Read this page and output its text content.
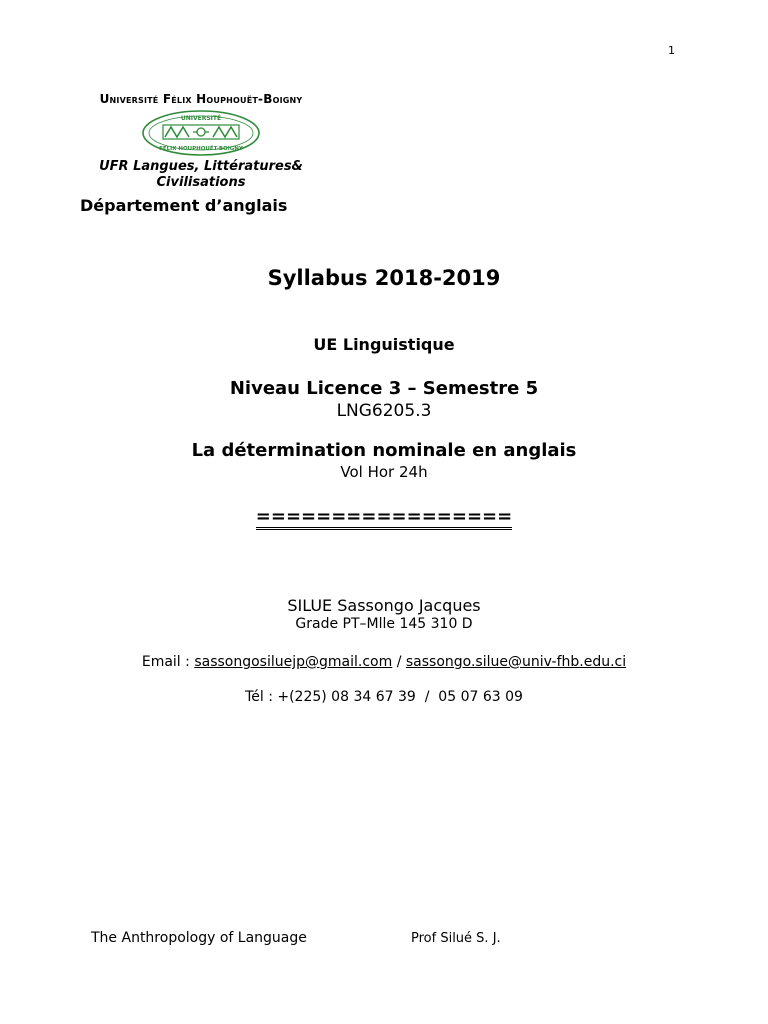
1
Université Félix Houphouët-Boigny
UNIVERSITÉ
FELIX HOUPHOUËT-BOIGNY
UFR Langues, Littératures&
Civilisations
Département d’anglais
Syllabus 2018-2019
UE Linguistique
Niveau Licence 3 – Semestre 5
LNG6205.3
La détermination nominale en anglais
Vol Hor 24h
=================
SILUE Sassongo Jacques
Grade PT–Mlle 145 310 D
Email : sassongosiluejp@gmail.com / sassongo.silue@univ-fhb.edu.ci
Tél : +(225) 08 34 67 39  /  05 07 63 09
The Anthropology of Language	Prof Silué S. J.
